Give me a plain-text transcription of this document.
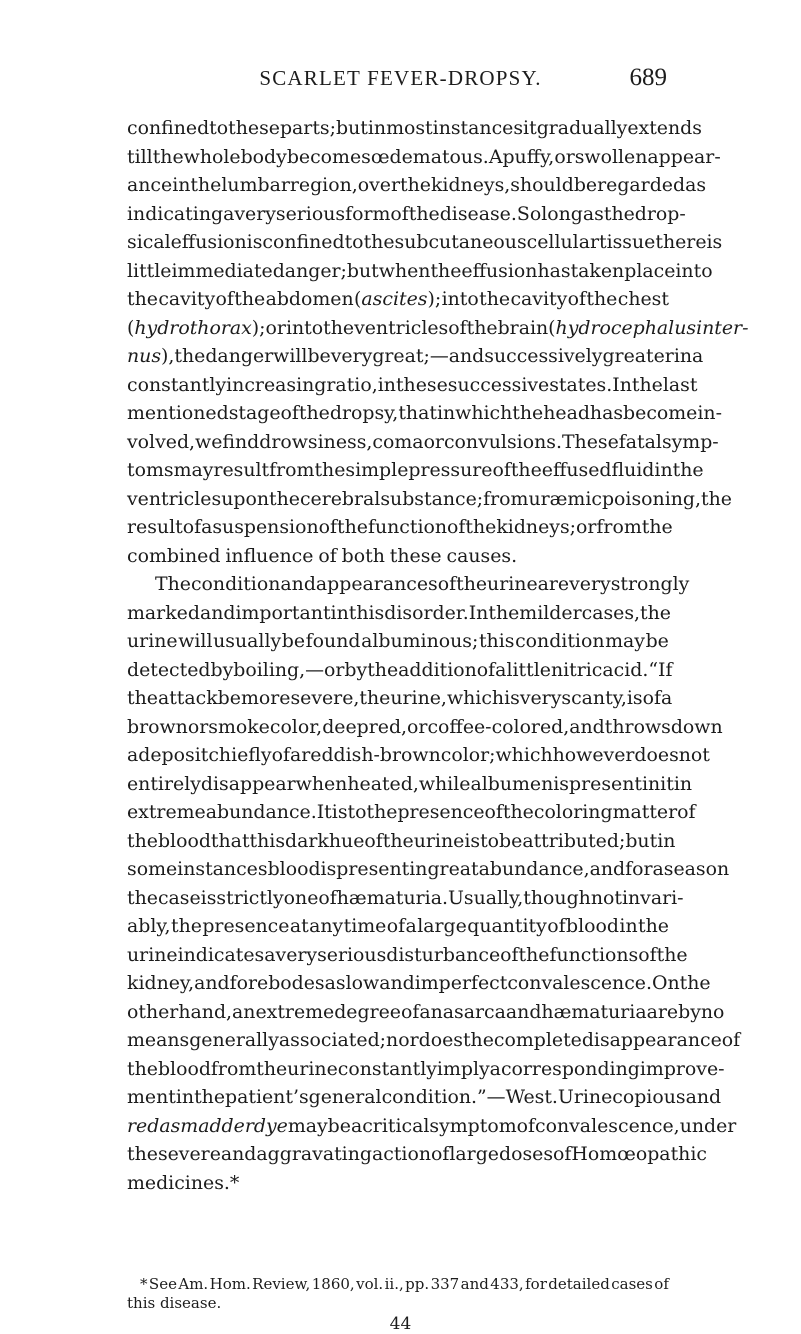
SCARLET FEVER-DROPSY.	689
confined to these parts; but in most instances it gradually extends
till the whole body becomes œdematous. A puffy, or swollen appear-
ance in the lumbar region, over the kidneys, should be regarded as
indicating a very serious form of the disease. So long as the drop-
sical effusion is confined to the subcutaneous cellular tissue there is
little immediate danger; but when the effusion has taken place into
the cavity of the abdomen (ascites); into the cavity of the chest
(hydrothorax); or into the ventricles of the brain (hydrocephalus inter-
nus), the danger will be very great;—and successively greater in a
constantly increasing ratio, in these successive states. In the last
mentioned stage of the dropsy, that in which the head has become in-
volved, we find drowsiness, coma or convulsions. These fatal symp-
toms may result from the simple pressure of the effused fluid in the
ventricles upon the cerebral substance; from uræmic poisoning, the
result of a suspension of the function of the kidneys; or from the
combined influence of both these causes.
The condition and appearances of the urine are very strongly
marked and important in this disorder. In the milder cases, the
urine will usually be found albuminous; this condition may be
detected by boiling,—or by the addition of a little nitric acid. “If
the attack be more severe, the urine, which is very scanty, is of a
brown or smoke color, deep red, or coffee-colored, and throws down
a deposit chiefly of a reddish-brown color; which however does not
entirely disappear when heated, while albumen is present in it in
extreme abundance. It is to the presence of the coloring matter of
the blood that this dark hue of the urine is to be attributed; but in
some instances blood is present in great abundance, and for a season
the case is strictly one of hæmaturia. Usually, though not invari-
ably, the presence at any time of a large quantity of blood in the
urine indicates a very serious disturbance of the functions of the
kidney, and forebodes a slow and imperfect convalescence. On the
other hand, an extreme degree of anasarca and hæmaturia are by no
means generally associated; nor does the complete disappearance of
the blood from the urine constantly imply a corresponding improve-
ment in the patient’s general condition.”—West. Urine copious and
red as madder dye may be a critical symptom of convalescence, under
the severe and aggravating action of large doses of Homœopathic
medicines.*
* See Am. Hom. Review, 1860, vol. ii., pp. 337 and 433, for detailed cases of
this disease.
44
